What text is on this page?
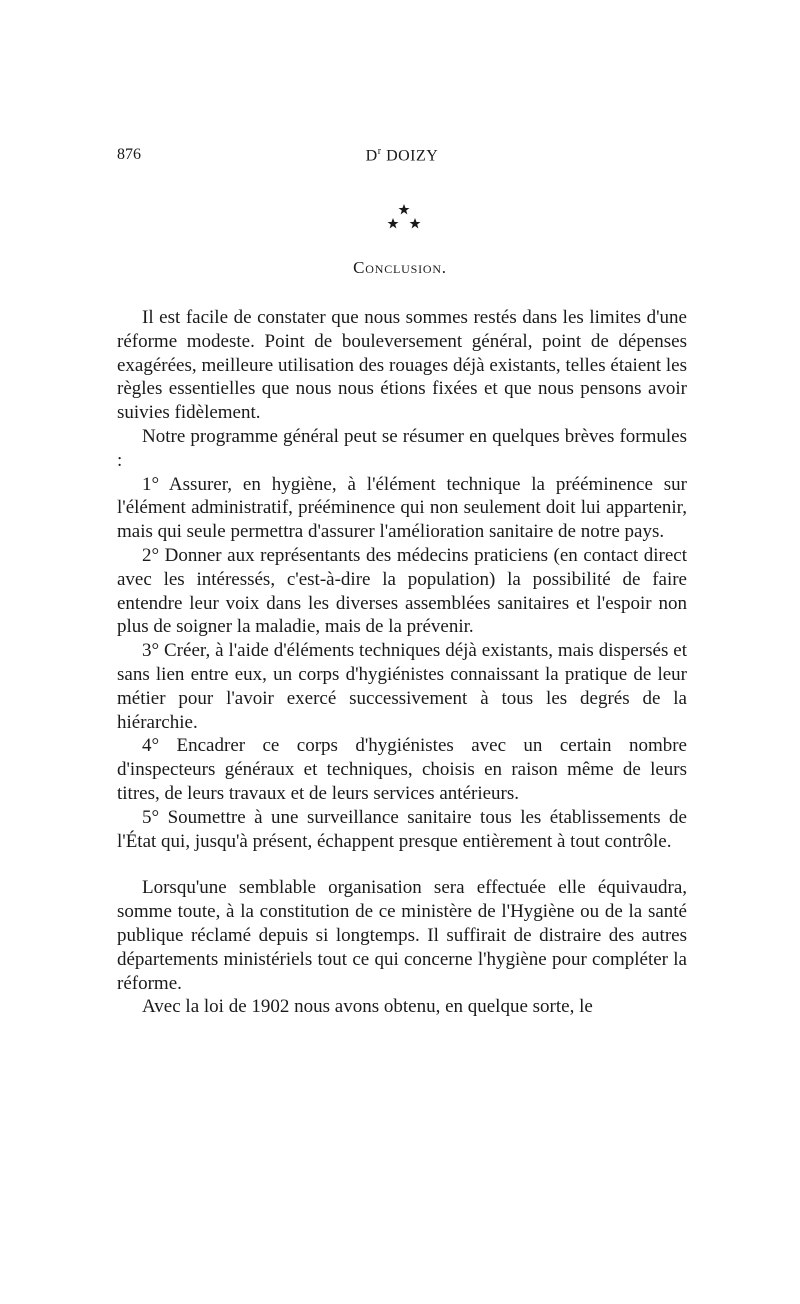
876	$D^r$ DOIZY
Conclusion.

Il est facile de constater que nous sommes restés dans les limites d'une réforme modeste. Point de bouleversement général, point de dépenses exagérées, meilleure utilisation des rouages déjà existants, telles étaient les règles essentielles que nous nous étions fixées et que nous pensons avoir suivies fidèlement.

Notre programme général peut se résumer en quelques brèves formules :

1° Assurer, en hygiène, à l'élément technique la prééminence sur l'élément administratif, prééminence qui non seulement doit lui appartenir, mais qui seule permettra d'assurer l'amélioration sanitaire de notre pays.

2° Donner aux représentants des médecins praticiens (en contact direct avec les intéressés, c'est-à-dire la population) la possibilité de faire entendre leur voix dans les diverses assemblées sanitaires et l'espoir non plus de soigner la maladie, mais de la prévenir.

3° Créer, à l'aide d'éléments techniques déjà existants, mais dispersés et sans lien entre eux, un corps d'hygiénistes connaissant la pratique de leur métier pour l'avoir exercé successivement à tous les degrés de la hiérarchie.

4° Encadrer ce corps d'hygiénistes avec un certain nombre d'inspecteurs généraux et techniques, choisis en raison même de leurs titres, de leurs travaux et de leurs services antérieurs.

5° Soumettre à une surveillance sanitaire tous les établissements de l'État qui, jusqu'à présent, échappent presque entièrement à tout contrôle.

Lorsqu'une semblable organisation sera effectuée elle équivaudra, somme toute, à la constitution de ce ministère de l'Hygiène ou de la santé publique réclamé depuis si longtemps. Il suffirait de distraire des autres départements ministériels tout ce qui concerne l'hygiène pour compléter la réforme.

Avec la loi de 1902 nous avons obtenu, en quelque sorte, le
